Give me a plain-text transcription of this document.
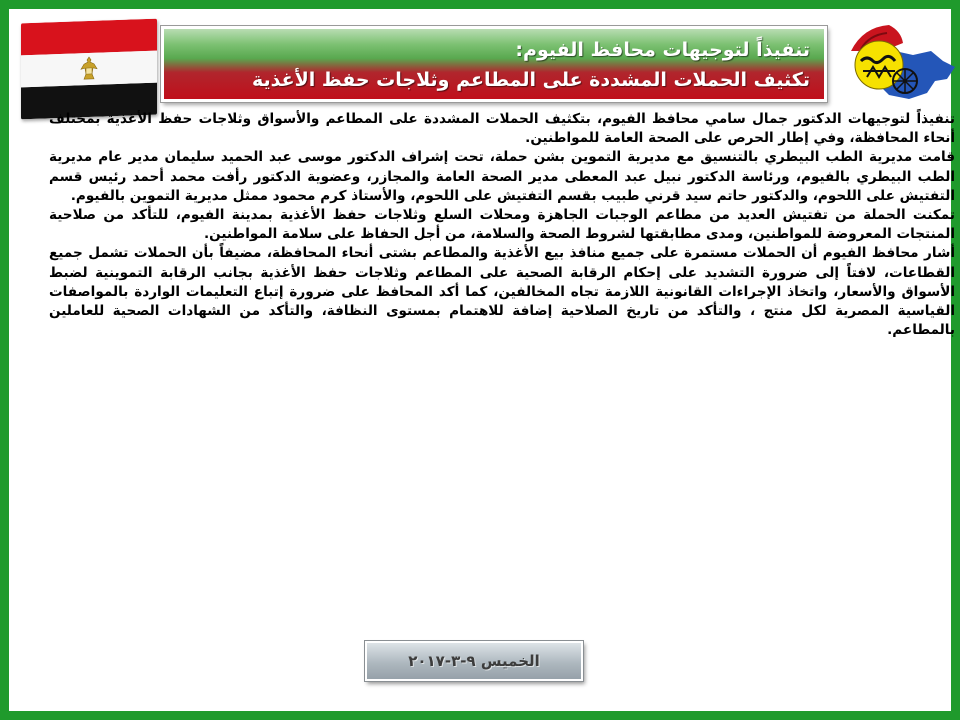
تنفيذاً لتوجيهات محافظ الفيوم:
تكثيف الحملات المشددة على المطاعم وثلاجات حفظ الأغذية

تنفيذاً لتوجيهات الدكتور جمال سامي محافظ الفيوم، بتكثيف الحملات المشددة على المطاعم والأسواق وثلاجات حفظ الأغذية بمختلف أنحاء المحافظة، وفي إطار الحرص على الصحة العامة للمواطنين.

قامت مديرية الطب البيطري بالتنسيق مع مديرية التموين بشن حملة، تحت إشراف الدكتور موسى عبد الحميد سليمان مدير عام مديرية الطب البيطري بالفيوم، ورئاسة الدكتور نبيل عبد المعطى مدير الصحة العامة والمجازر، وعضوية الدكتور رأفت محمد أحمد رئيس قسم التفتيش على اللحوم، والدكتور حاتم سيد قرني طبيب بقسم التفتيش على اللحوم، والأستاذ كرم محمود ممثل مديرية التموين بالفيوم.

تمكنت الحملة من تفتيش العديد من مطاعم الوجبات الجاهزة ومحلات السلع وثلاجات حفظ الأغذية بمدينة الفيوم، للتأكد من صلاحية المنتجات المعروضة للمواطنين، ومدى مطابقتها لشروط الصحة والسلامة، من أجل الحفاظ على سلامة المواطنين.

أشار محافظ الفيوم أن الحملات مستمرة على جميع منافذ بيع الأغذية والمطاعم بشتى أنحاء المحافظة، مضيفاً بأن الحملات تشمل جميع القطاعات، لافتاً إلى ضرورة التشديد على إحكام الرقابة الصحية على المطاعم وثلاجات حفظ الأغذية بجانب الرقابة التموينية لضبط الأسواق والأسعار، واتخاذ الإجراءات القانونية اللازمة تجاه المخالفين، كما أكد المحافظ على ضرورة إتباع التعليمات الواردة بالمواصفات القياسية المصرية لكل منتج ، والتأكد من تاريخ الصلاحية إضافة للاهتمام بمستوى النظافة، والتأكد من الشهادات الصحية للعاملين بالمطاعم.

الخميس ٩-٣-٢٠١٧
